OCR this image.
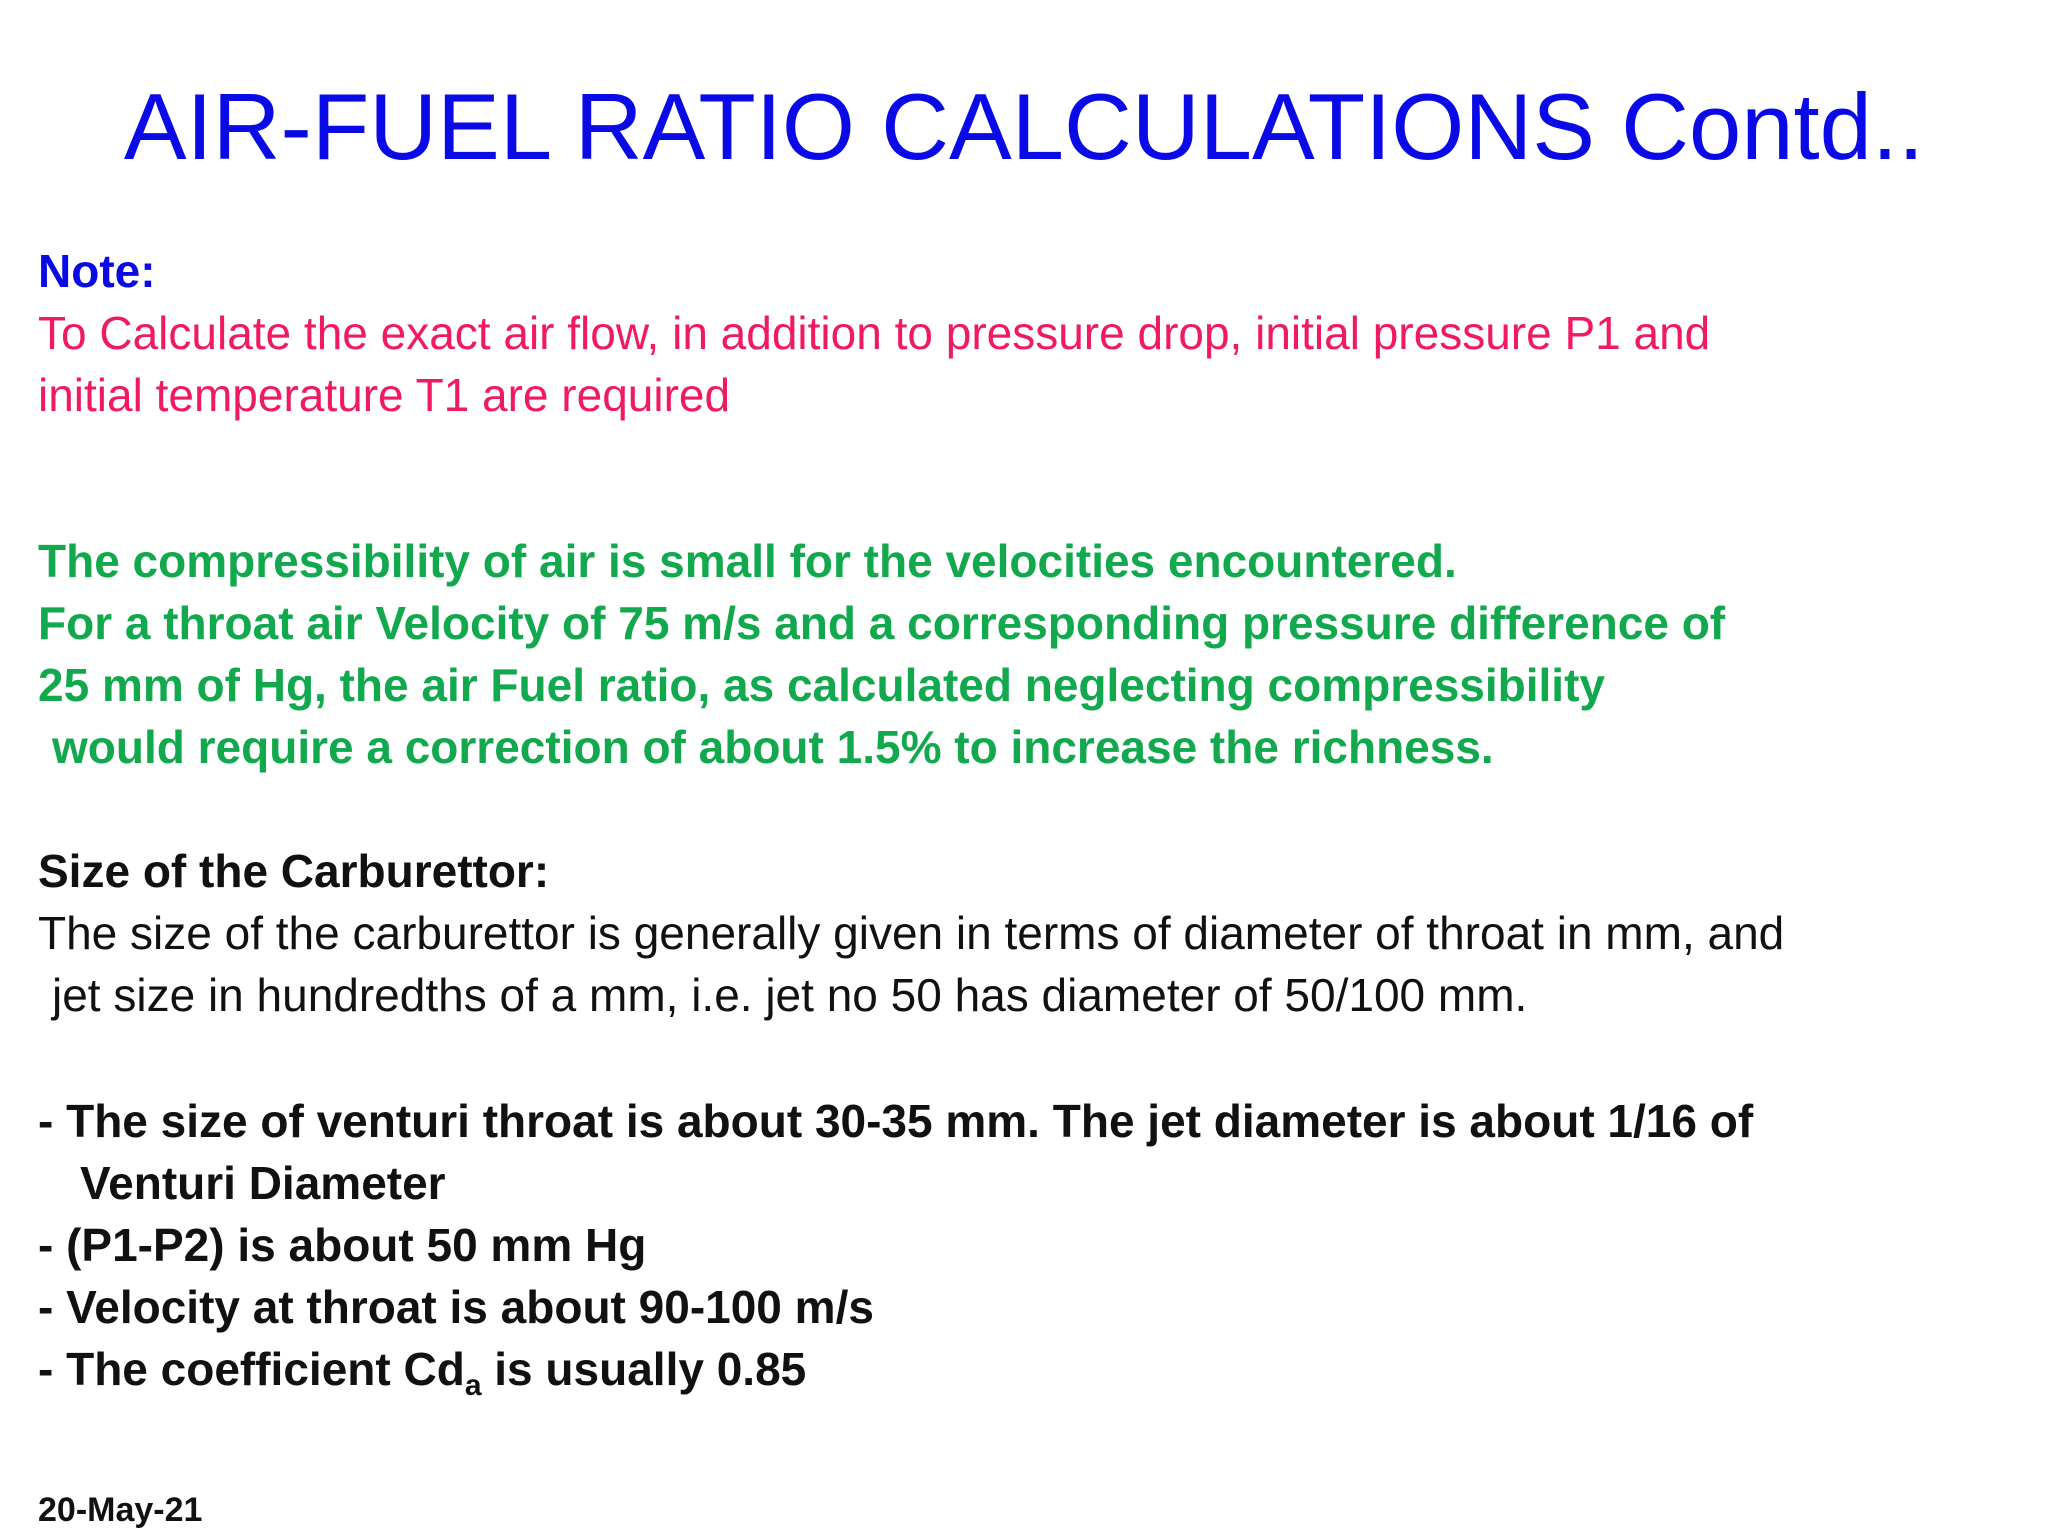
AIR-FUEL RATIO CALCULATIONS Contd..
Note:
To Calculate the exact air flow, in addition to pressure drop, initial pressure P1 and
initial temperature T1 are required
The compressibility of air is small for the velocities encountered.
For a throat air Velocity of 75 m/s and a corresponding pressure difference of
25 mm of Hg, the air Fuel ratio, as calculated neglecting compressibility
would require a correction of about 1.5% to increase the richness.
Size of the Carburettor:
The size of the carburettor is generally given in terms of diameter of throat in mm, and
jet size in hundredths of a mm, i.e. jet no 50 has diameter of 50/100 mm.
- The size of venturi throat is about 30-35 mm. The jet diameter is about 1/16 of
Venturi Diameter
- (P1-P2) is about 50 mm Hg
- Velocity at throat is about 90-100 m/s
- The coefficient $Cd_a$ is usually 0.85
20-May-21
